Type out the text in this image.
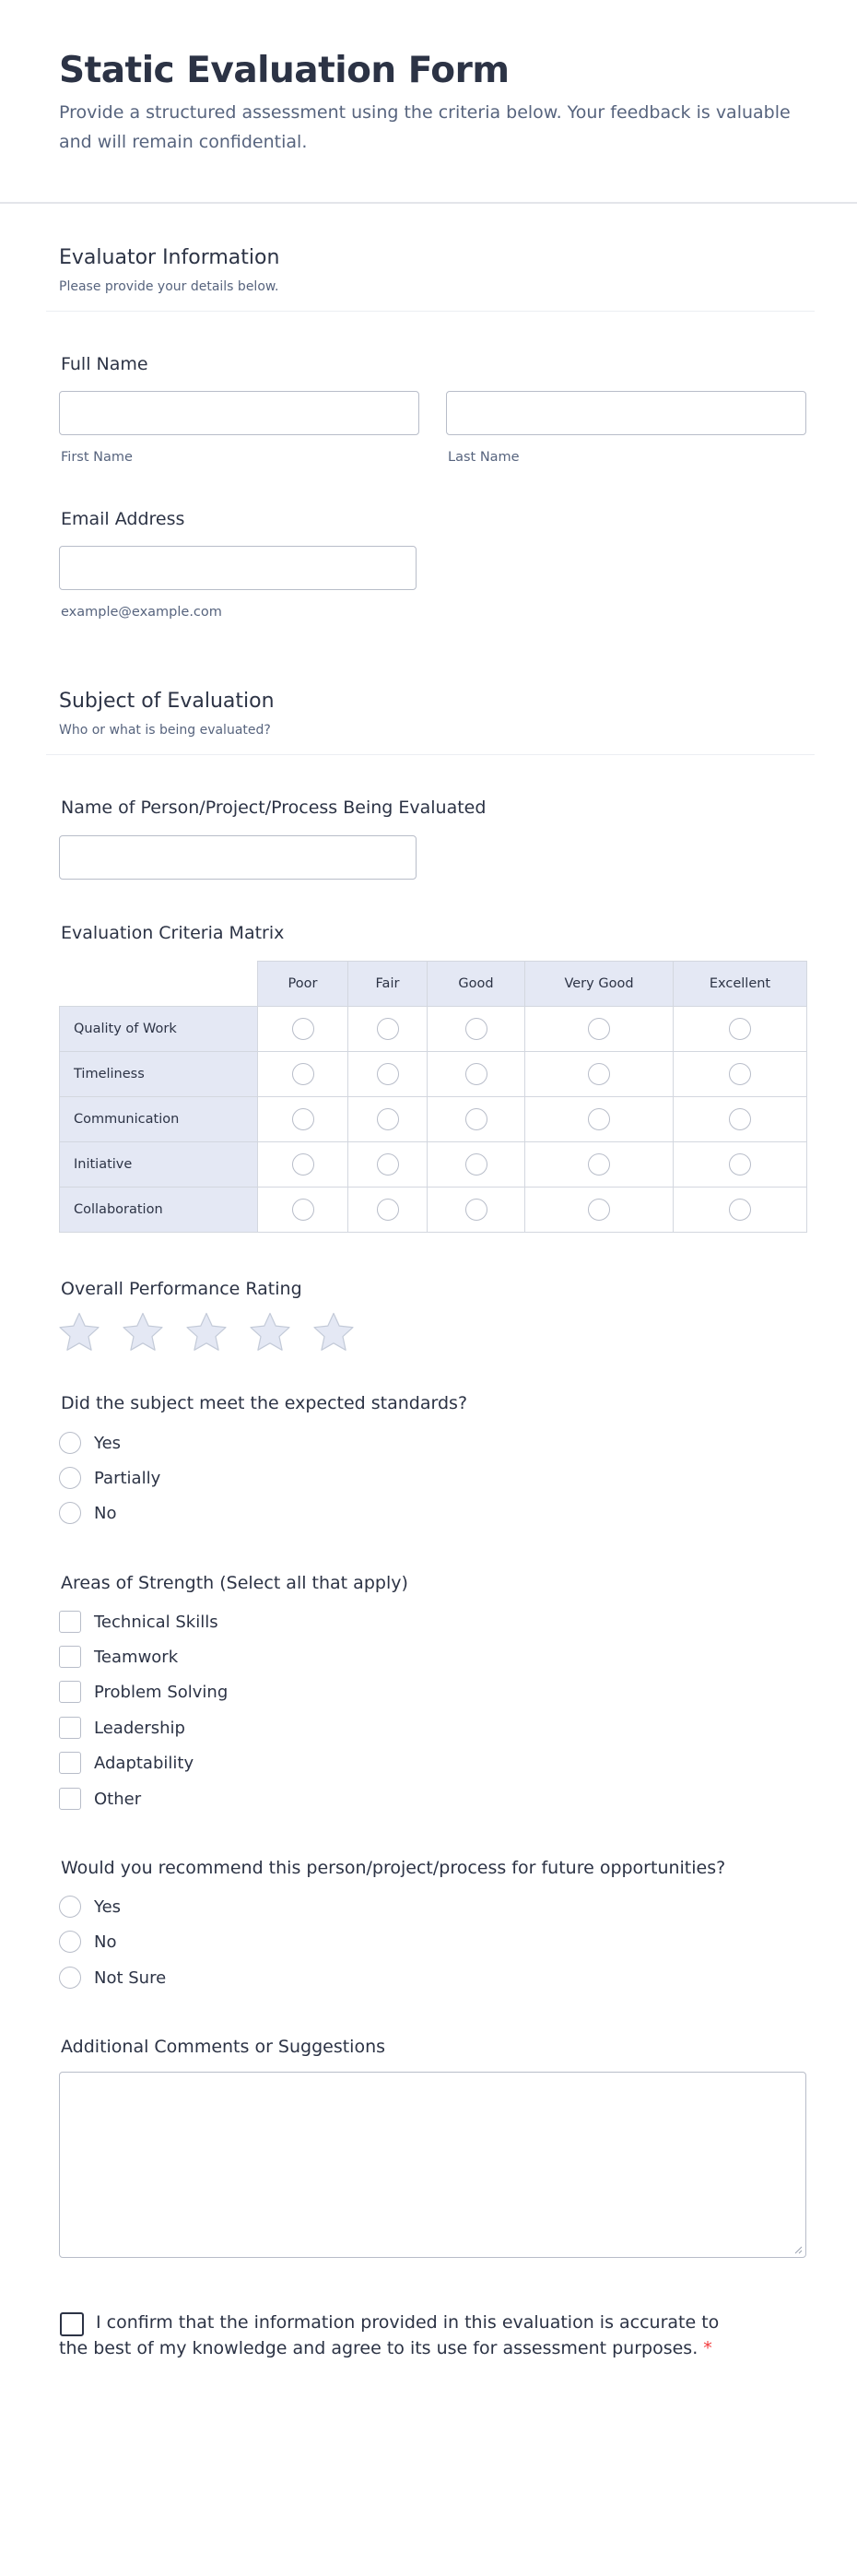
Static Evaluation Form

Provide a structured assessment using the criteria below. Your feedback is valuable and will remain confidential.

Evaluator Information
Please provide your details below.
Full Name
First Name	Last Name
Email Address
example@example.com
Subject of Evaluation
Who or what is being evaluated?
Name of Person/Project/Process Being Evaluated
Evaluation Criteria Matrix
	Poor	Fair	Good	Very Good	Excellent
Quality of Work					
Timeliness					
Communication					
Initiative					
Collaboration					
Overall Performance Rating
Did the subject meet the expected standards?
Yes
Partially
No
Areas of Strength (Select all that apply)
Technical Skills
Teamwork
Problem Solving
Leadership
Adaptability
Other
Would you recommend this person/project/process for future opportunities?
Yes
No
Not Sure
Additional Comments or Suggestions
I confirm that the information provided in this evaluation is accurate to the best of my knowledge and agree to its use for assessment purposes. *
